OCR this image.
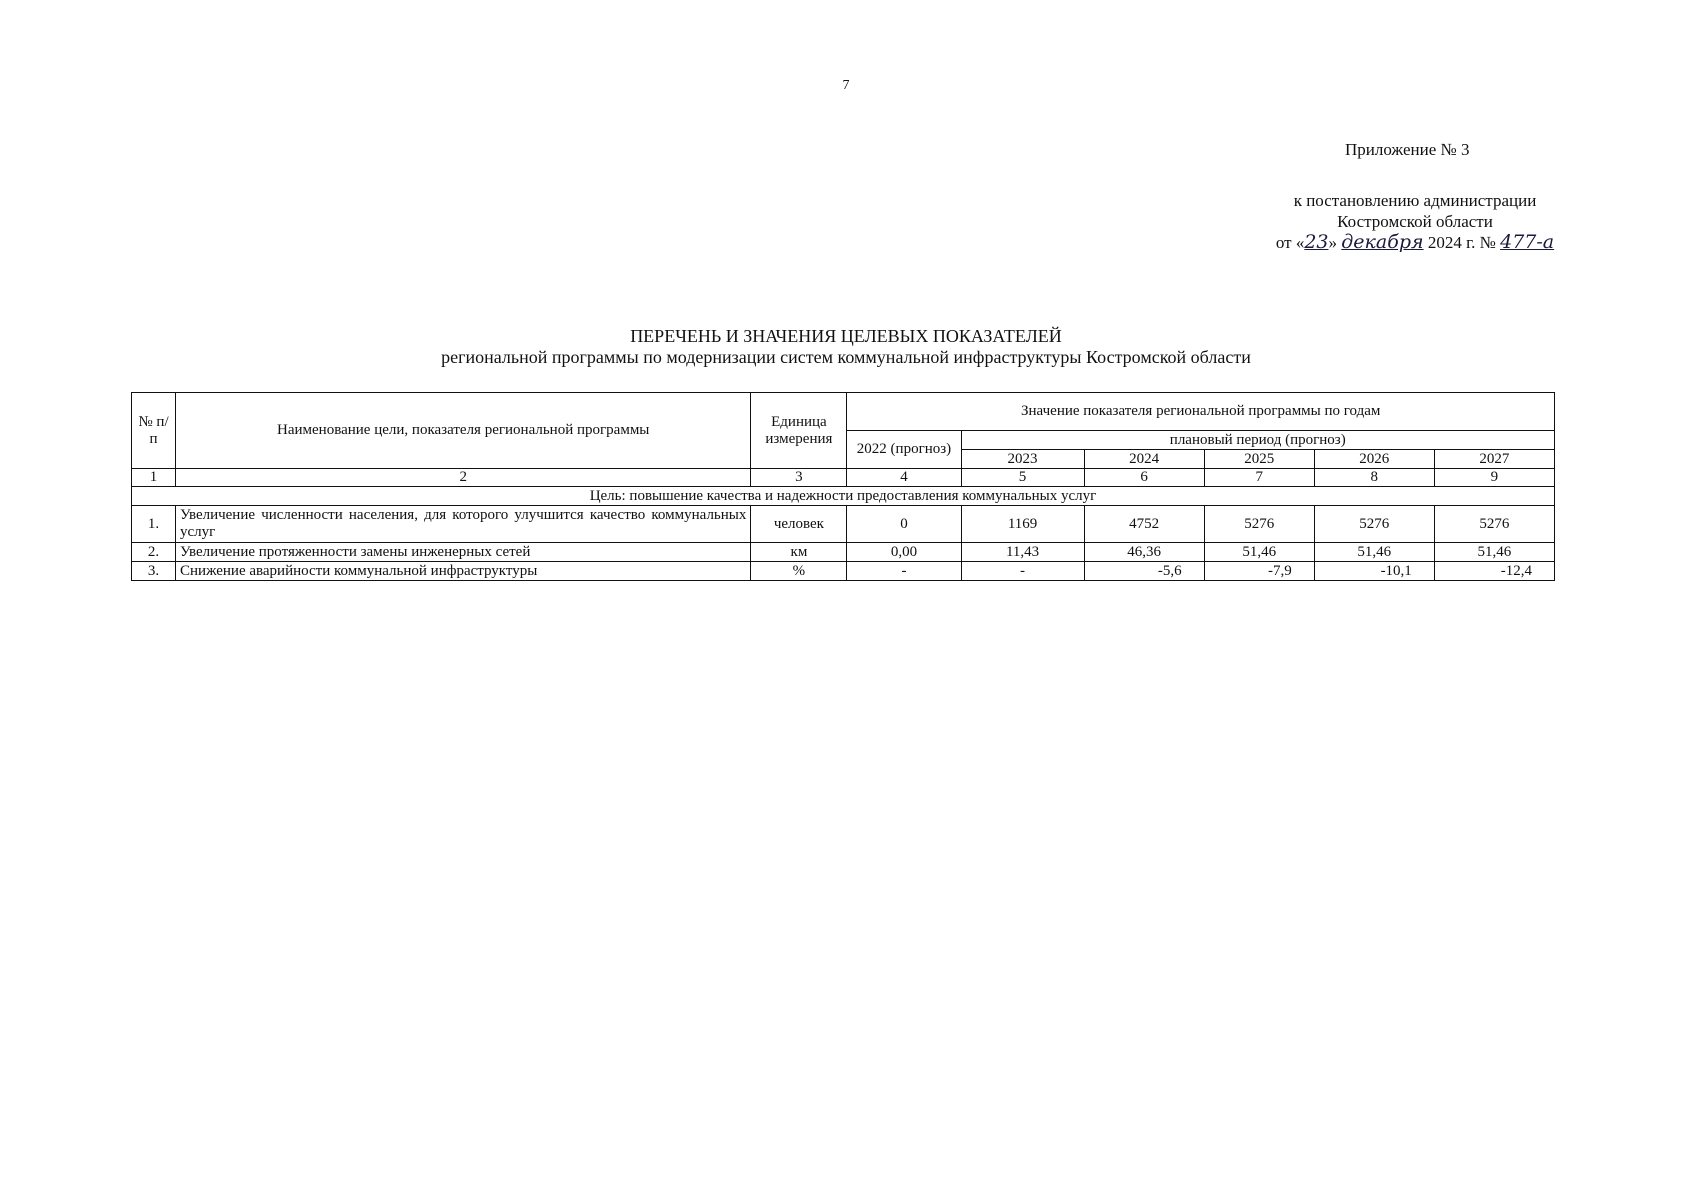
7
Приложение № 3
к постановлению администрации
Костромской области
от «23» декабря 2024 г. № 477-а
ПЕРЕЧЕНЬ И ЗНАЧЕНИЯ ЦЕЛЕВЫХ ПОКАЗАТЕЛЕЙ
региональной программы по модернизации систем коммунальной инфраструктуры Костромской области
№ п/п	Наименование цели, показателя региональной программы	Единица измерения	Значение показателя региональной программы по годам					
			2022 (прогноз)	плановый период (прогноз)				
				2023	2024	2025	2026	2027
1	2	3	4	5	6	7	8	9
Цель: повышение качества и надежности предоставления коммунальных услуг								
1.	Увеличение численности населения, для которого улучшится качество коммунальных услуг	человек	0	1169	4752	5276	5276	5276
2.	Увеличение протяженности замены инженерных сетей	км	0,00	11,43	46,36	51,46	51,46	51,46
3.	Снижение аварийности коммунальной инфраструктуры	%	-	-	-5,6	-7,9	-10,1	-12,4
